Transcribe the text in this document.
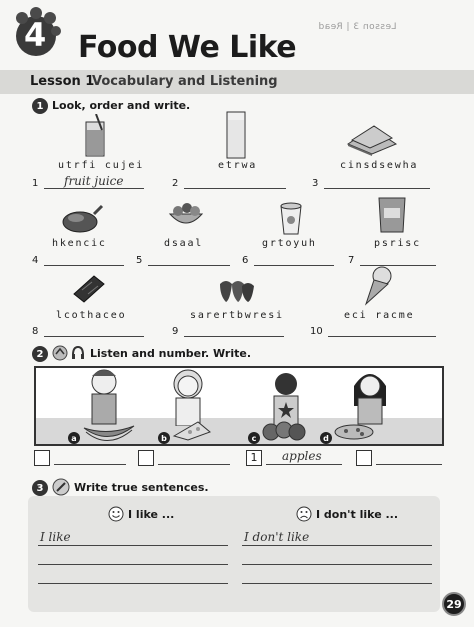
Lesson 3 | Read
4 Food We Like
Lesson 1
Vocabulary and Listening
1 Look, order and write.
utrfi cujei	etrwa	cinsdsewha
1 fruit juice	2	3
hkencic	dsaal	grtoyuh	psrisc
4	5	6	7
lcothaceo	sarertbwresi	eci racme
8	9	10
2	Listen and number. Write.
a	b	c	d
1	apples
3	Write true sentences.
I like ...	I don't like ...
I like	I don't like
29
